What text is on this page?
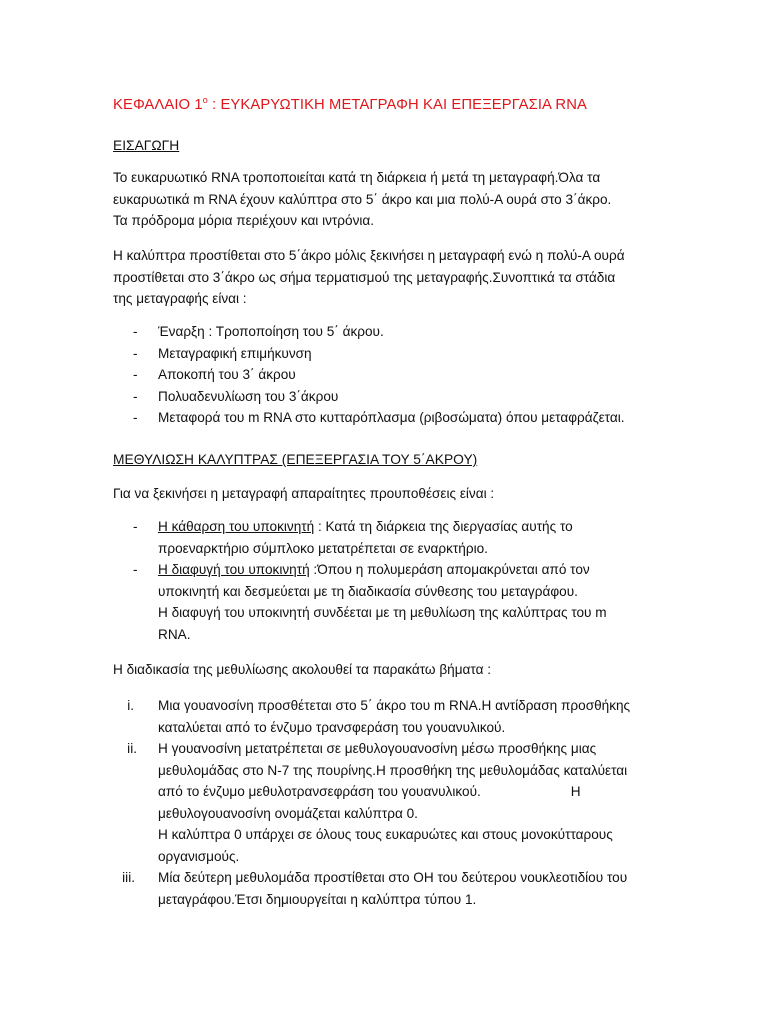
ΚΕΦΑΛΑΙΟ $1^o$ : ΕΥΚΑΡΥΩΤΙΚΗ ΜΕΤΑΓΡΑΦΗ ΚΑΙ ΕΠΕΞΕΡΓΑΣΙΑ RNA

ΕΙΣΑΓΩΓΗ

Το ευκαρυωτικό RNA τροποποιείται κατά τη διάρκεια ή μετά τη μεταγραφή.Όλα τα

ευκαρυωτικά m RNA έχουν καλύπτρα στο 5΄ άκρο και μια πολύ-Α ουρά στο 3΄άκρο.

Τα πρόδρομα μόρια περιέχουν και ιντρόνια.

Η καλύπτρα προστίθεται στο 5΄άκρο μόλις ξεκινήσει η μεταγραφή ενώ η πολύ-Α ουρά

προστίθεται στο 3΄άκρο ως σήμα τερματισμού της μεταγραφής.Συνοπτικά τα στάδια

της μεταγραφής είναι :

- Έναρξη : Τροποποίηση του 5΄ άκρου.
- Μεταγραφική επιμήκυνση
- Αποκοπή του 3΄ άκρου
- Πολυαδενυλίωση του 3΄άκρου
- Μεταφορά του m RNA στο κυτταρόπλασμα (ριβοσώματα) όπου μεταφράζεται.

ΜΕΘΥΛΙΩΣΗ ΚΑΛΥΠΤΡΑΣ (ΕΠΕΞΕΡΓΑΣΙΑ ΤΟΥ 5΄ΑΚΡΟΥ)

Για να ξεκινήσει η μεταγραφή απαραίτητες προυποθέσεις είναι :

- Η κάθαρση του υποκινητή : Κατά τη διάρκεια της διεργασίας αυτής το
προεναρκτήριο σύμπλοκο μετατρέπεται σε εναρκτήριο.
- Η διαφυγή του υποκινητή :Όπου η πολυμεράση απομακρύνεται από τον
υποκινητή και δεσμεύεται με τη διαδικασία σύνθεσης του μεταγράφου.
Η διαφυγή του υποκινητή συνδέεται με τη μεθυλίωση της καλύπτρας του m
RNA.

Η διαδικασία της μεθυλίωσης ακολουθεί τα παρακάτω βήματα :

i. Μια γουανοσίνη προσθέτεται στο 5΄ άκρο του m RNA.Η αντίδραση προσθήκης
καταλύεται από το ένζυμο τρανσφεράση του γουανυλικού.
ii. Η γουανοσίνη μετατρέπεται σε μεθυλογουανοσίνη μέσω προσθήκης μιας
μεθυλομάδας στο Ν-7 της πουρίνης.Η προσθήκη της μεθυλομάδας καταλύεται
από το ένζυμο μεθυλοτρανσεφράση του γουανυλικού.	Η
μεθυλογουανοσίνη ονομάζεται καλύπτρα 0.
Η καλύπτρα 0 υπάρχει σε όλους τους ευκαρυώτες και στους μονοκύτταρους
οργανισμούς.
iii. Μία δεύτερη μεθυλομάδα προστίθεται στο ΟΗ του δεύτερου νουκλεοτιδίου του
μεταγράφου.Έτσι δημιουργείται η καλύπτρα τύπου 1.
